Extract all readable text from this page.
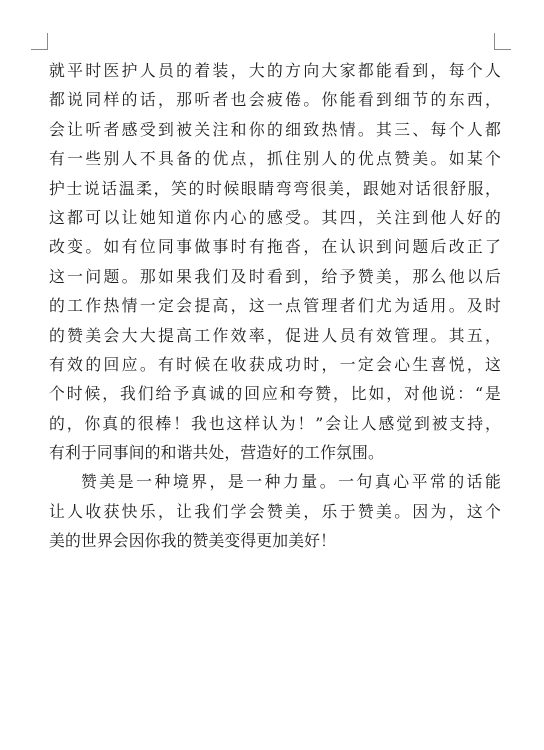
就平时医护人员的着装，大的方向大家都能看到，每个人
都说同样的话，那听者也会疲倦。你能看到细节的东西，
会让听者感受到被关注和你的细致热情。其三、每个人都
有一些别人不具备的优点，抓住别人的优点赞美。如某个
护士说话温柔，笑的时候眼睛弯弯很美，跟她对话很舒服，
这都可以让她知道你内心的感受。其四，关注到他人好的
改变。如有位同事做事时有拖沓，在认识到问题后改正了
这一问题。那如果我们及时看到，给予赞美，那么他以后
的工作热情一定会提高，这一点管理者们尤为适用。及时
的赞美会大大提高工作效率，促进人员有效管理。其五，
有效的回应。有时候在收获成功时，一定会心生喜悦，这
个时候，我们给予真诚的回应和夸赞，比如，对他说：“是
的，你真的很棒！我也这样认为！”会让人感觉到被支持，
有利于同事间的和谐共处，营造好的工作氛围。
赞美是一种境界，是一种力量。一句真心平常的话能
让人收获快乐，让我们学会赞美，乐于赞美。因为，这个
美的世界会因你我的赞美变得更加美好！
